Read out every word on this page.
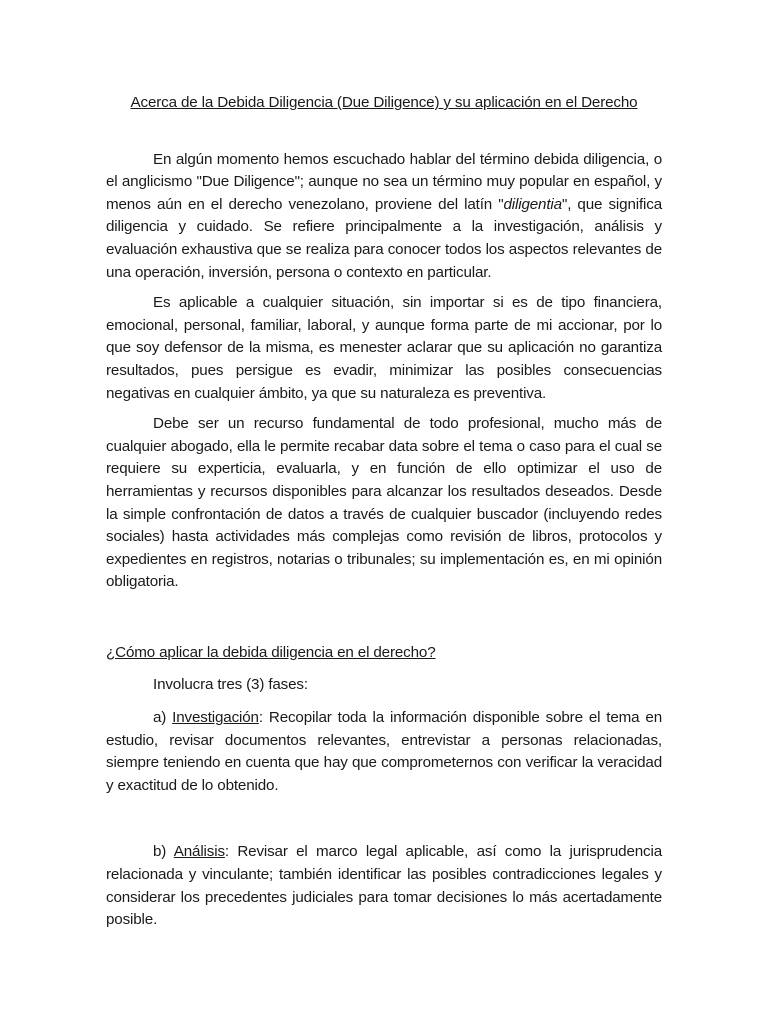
Acerca de la Debida Diligencia (Due Diligence) y su aplicación en el Derecho

En algún momento hemos escuchado hablar del término debida diligencia, o el anglicismo "Due Diligence"; aunque no sea un término muy popular en español, y menos aún en el derecho venezolano, proviene del latín "diligentia", que significa diligencia y cuidado. Se refiere principalmente a la investigación, análisis y evaluación exhaustiva que se realiza para conocer todos los aspectos relevantes de una operación, inversión, persona o contexto en particular.

Es aplicable a cualquier situación, sin importar si es de tipo financiera, emocional, personal, familiar, laboral, y aunque forma parte de mi accionar, por lo que soy defensor de la misma, es menester aclarar que su aplicación no garantiza resultados, pues persigue es evadir, minimizar las posibles consecuencias negativas en cualquier ámbito, ya que su naturaleza es preventiva.

Debe ser un recurso fundamental de todo profesional, mucho más de cualquier abogado, ella le permite recabar data sobre el tema o caso para el cual se requiere su experticia, evaluarla, y en función de ello optimizar el uso de herramientas y recursos disponibles para alcanzar los resultados deseados. Desde la simple confrontación de datos a través de cualquier buscador (incluyendo redes sociales) hasta actividades más complejas como revisión de libros, protocolos y expedientes en registros, notarias o tribunales; su implementación es, en mi opinión obligatoria.

¿Cómo aplicar la debida diligencia en el derecho?

Involucra tres (3) fases:

a) Investigación: Recopilar toda la información disponible sobre el tema en estudio, revisar documentos relevantes, entrevistar a personas relacionadas, siempre teniendo en cuenta que hay que comprometernos con verificar la veracidad y exactitud de lo obtenido.

b) Análisis: Revisar el marco legal aplicable, así como la jurisprudencia relacionada y vinculante; también identificar las posibles contradicciones legales y considerar los precedentes judiciales para tomar decisiones lo más acertadamente posible.
